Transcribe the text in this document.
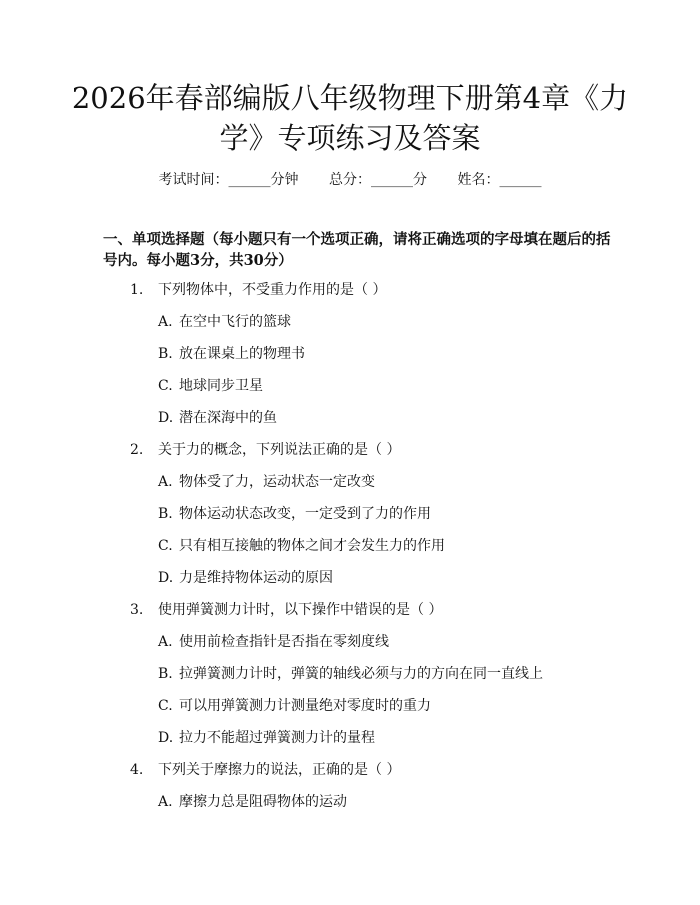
2026年春部编版八年级物理下册第4章《力学》专项练习及答案
考试时间：______分钟 总分：______分 姓名：______

一、单项选择题（每小题只有一个选项正确，请将正确选项的字母填在题后的括号内。每小题3分，共30分）

1. 下列物体中，不受重力作用的是（ ）
A. 在空中飞行的篮球
B. 放在课桌上的物理书
C. 地球同步卫星
D. 潜在深海中的鱼
2. 关于力的概念，下列说法正确的是（ ）
A. 物体受了力，运动状态一定改变
B. 物体运动状态改变，一定受到了力的作用
C. 只有相互接触的物体之间才会发生力的作用
D. 力是维持物体运动的原因
3. 使用弹簧测力计时，以下操作中错误的是（ ）
A. 使用前检查指针是否指在零刻度线
B. 拉弹簧测力计时，弹簧的轴线必须与力的方向在同一直线上
C. 可以用弹簧测力计测量绝对零度时的重力
D. 拉力不能超过弹簧测力计的量程
4. 下列关于摩擦力的说法，正确的是（ ）
A. 摩擦力总是阻碍物体的运动
